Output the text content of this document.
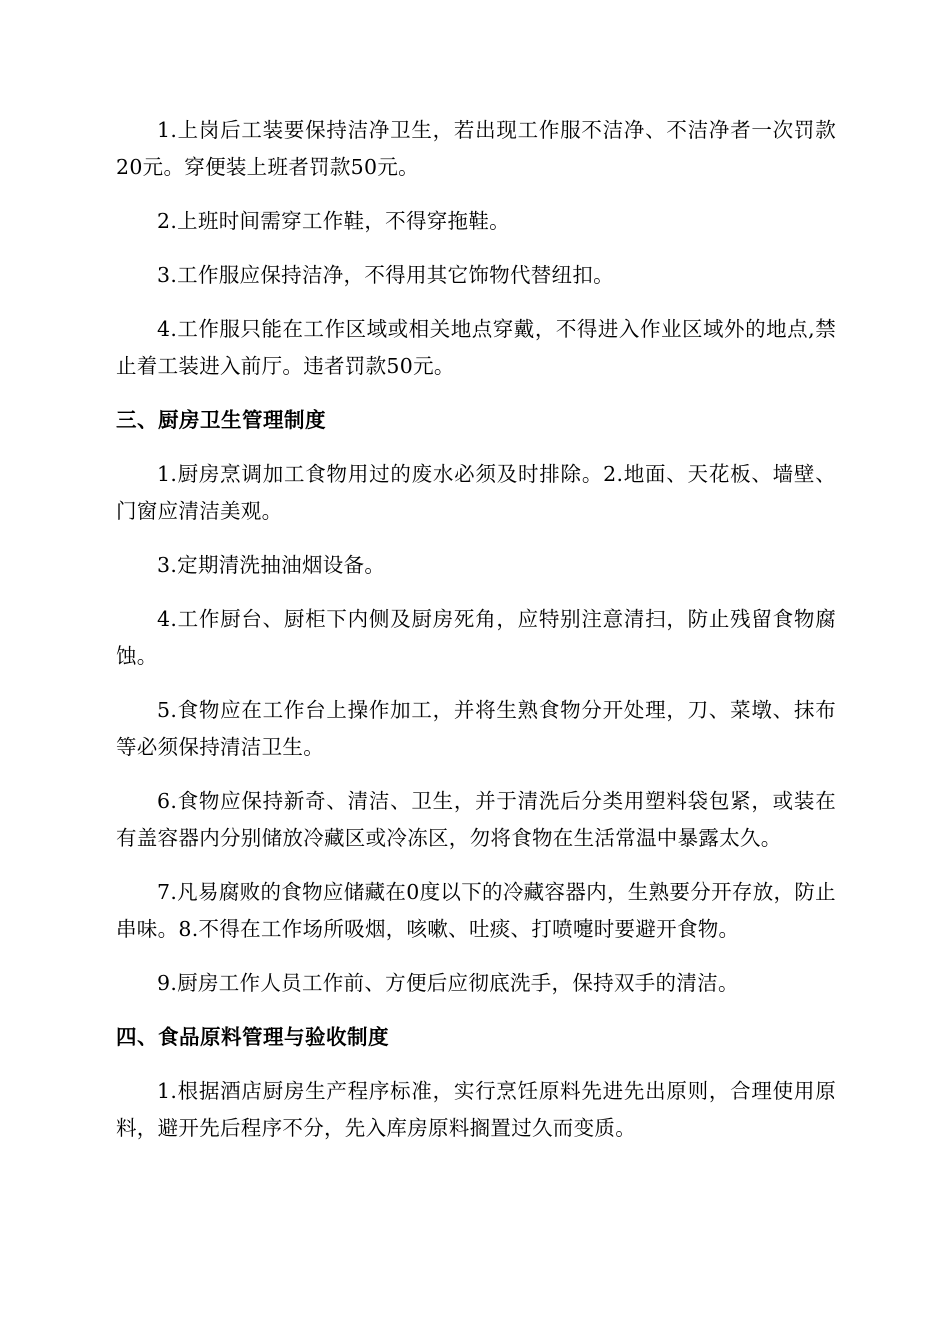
1.上岗后工装要保持洁净卫生，若出现工作服不洁净、不洁净者一次罚款20元。穿便装上班者罚款50元。

2.上班时间需穿工作鞋，不得穿拖鞋。

3.工作服应保持洁净，不得用其它饰物代替纽扣。

4.工作服只能在工作区域或相关地点穿戴，不得进入作业区域外的地点,禁止着工装进入前厅。违者罚款50元。

三、厨房卫生管理制度

1.厨房烹调加工食物用过的废水必须及时排除。2.地面、天花板、墙壁、门窗应清洁美观。

3.定期清洗抽油烟设备。

4.工作厨台、厨柜下内侧及厨房死角，应特别注意清扫，防止残留食物腐蚀。

5.食物应在工作台上操作加工，并将生熟食物分开处理，刀、菜墩、抹布等必须保持清洁卫生。

6.食物应保持新奇、清洁、卫生，并于清洗后分类用塑料袋包紧，或装在有盖容器内分别储放冷藏区或冷冻区，勿将食物在生活常温中暴露太久。

7.凡易腐败的食物应储藏在0度以下的冷藏容器内，生熟要分开存放，防止串味。8.不得在工作场所吸烟，咳嗽、吐痰、打喷嚏时要避开食物。

9.厨房工作人员工作前、方便后应彻底洗手，保持双手的清洁。

四、食品原料管理与验收制度

1.根据酒店厨房生产程序标准，实行烹饪原料先进先出原则，合理使用原料，避开先后程序不分，先入库房原料搁置过久而变质。
